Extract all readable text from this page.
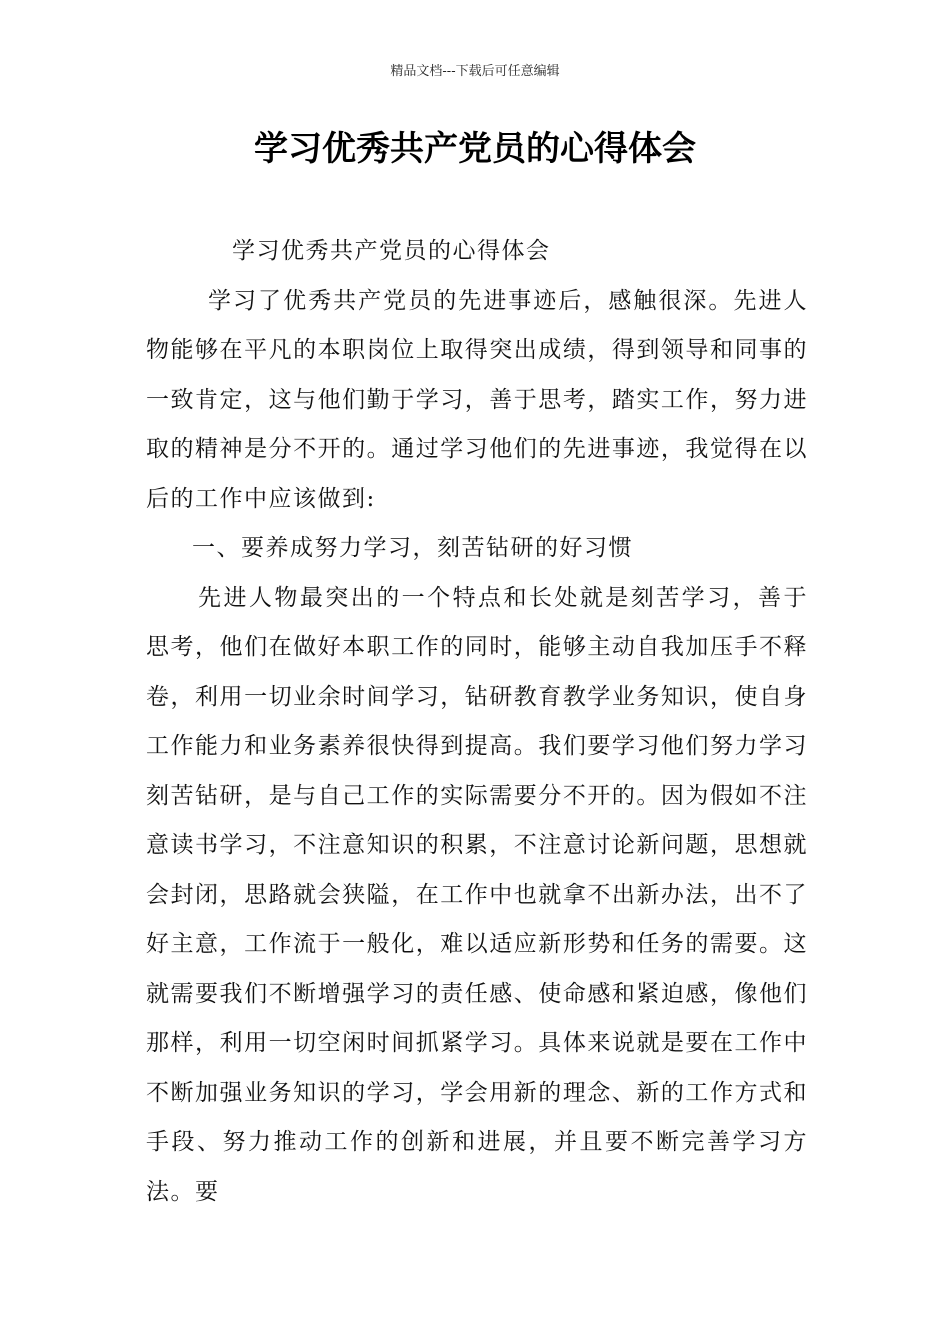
精品文档---下载后可任意编辑
学习优秀共产党员的心得体会

学习优秀共产党员的心得体会

学习了优秀共产党员的先进事迹后，感触很深。先进人物能够在平凡的本职岗位上取得突出成绩，得到领导和同事的一致肯定，这与他们勤于学习，善于思考，踏实工作，努力进取的精神是分不开的。通过学习他们的先进事迹，我觉得在以后的工作中应该做到:

一、要养成努力学习，刻苦钻研的好习惯

先进人物最突出的一个特点和长处就是刻苦学习，善于思考，他们在做好本职工作的同时，能够主动自我加压手不释卷，利用一切业余时间学习，钻研教育教学业务知识，使自身工作能力和业务素养很快得到提高。我们要学习他们努力学习刻苦钻研，是与自己工作的实际需要分不开的。因为假如不注意读书学习，不注意知识的积累，不注意讨论新问题，思想就会封闭，思路就会狭隘，在工作中也就拿不出新办法，出不了好主意，工作流于一般化，难以适应新形势和任务的需要。这就需要我们不断增强学习的责任感、使命感和紧迫感，像他们那样，利用一切空闲时间抓紧学习。具体来说就是要在工作中不断加强业务知识的学习，学会用新的理念、新的工作方式和手段、努力推动工作的创新和进展，并且要不断完善学习方法。要
